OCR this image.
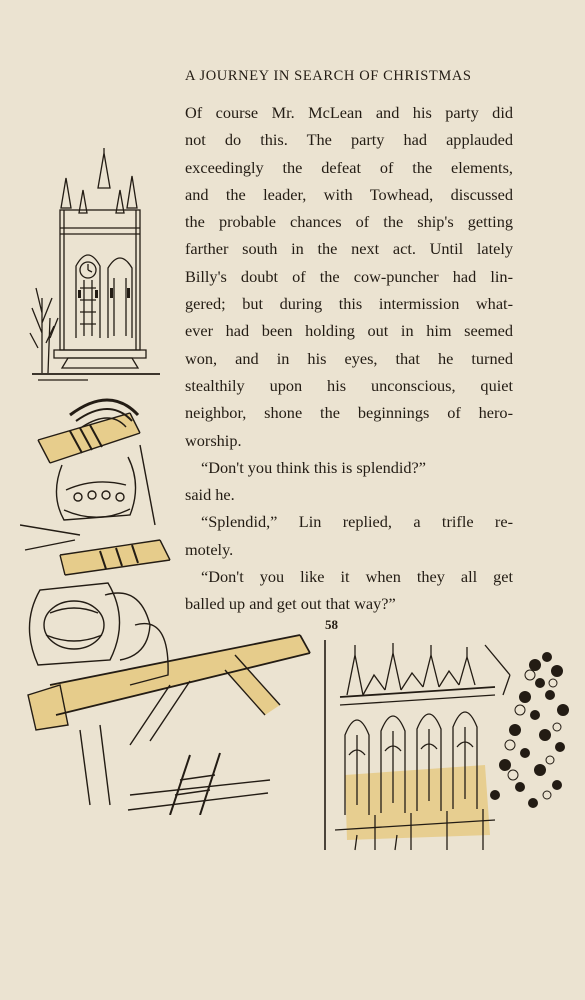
A JOURNEY IN SEARCH OF CHRISTMAS
Of course Mr. McLean and his party did
not do this. The party had applauded
exceedingly the defeat of the elements,
and the leader, with Towhead, discussed
the probable chances of the ship's getting
farther south in the next act. Until lately
Billy's doubt of the cow-puncher had lin-
gered; but during this intermission what-
ever had been holding out in him seemed
won, and in his eyes, that he turned
stealthily upon his unconscious, quiet
neighbor, shone the beginnings of hero-
worship.
“Don't you think this is splendid?”
said he.
“Splendid,” Lin replied, a trifle re-
motely.
“Don't you like it when they all get
balled up and get out that way?”
58
